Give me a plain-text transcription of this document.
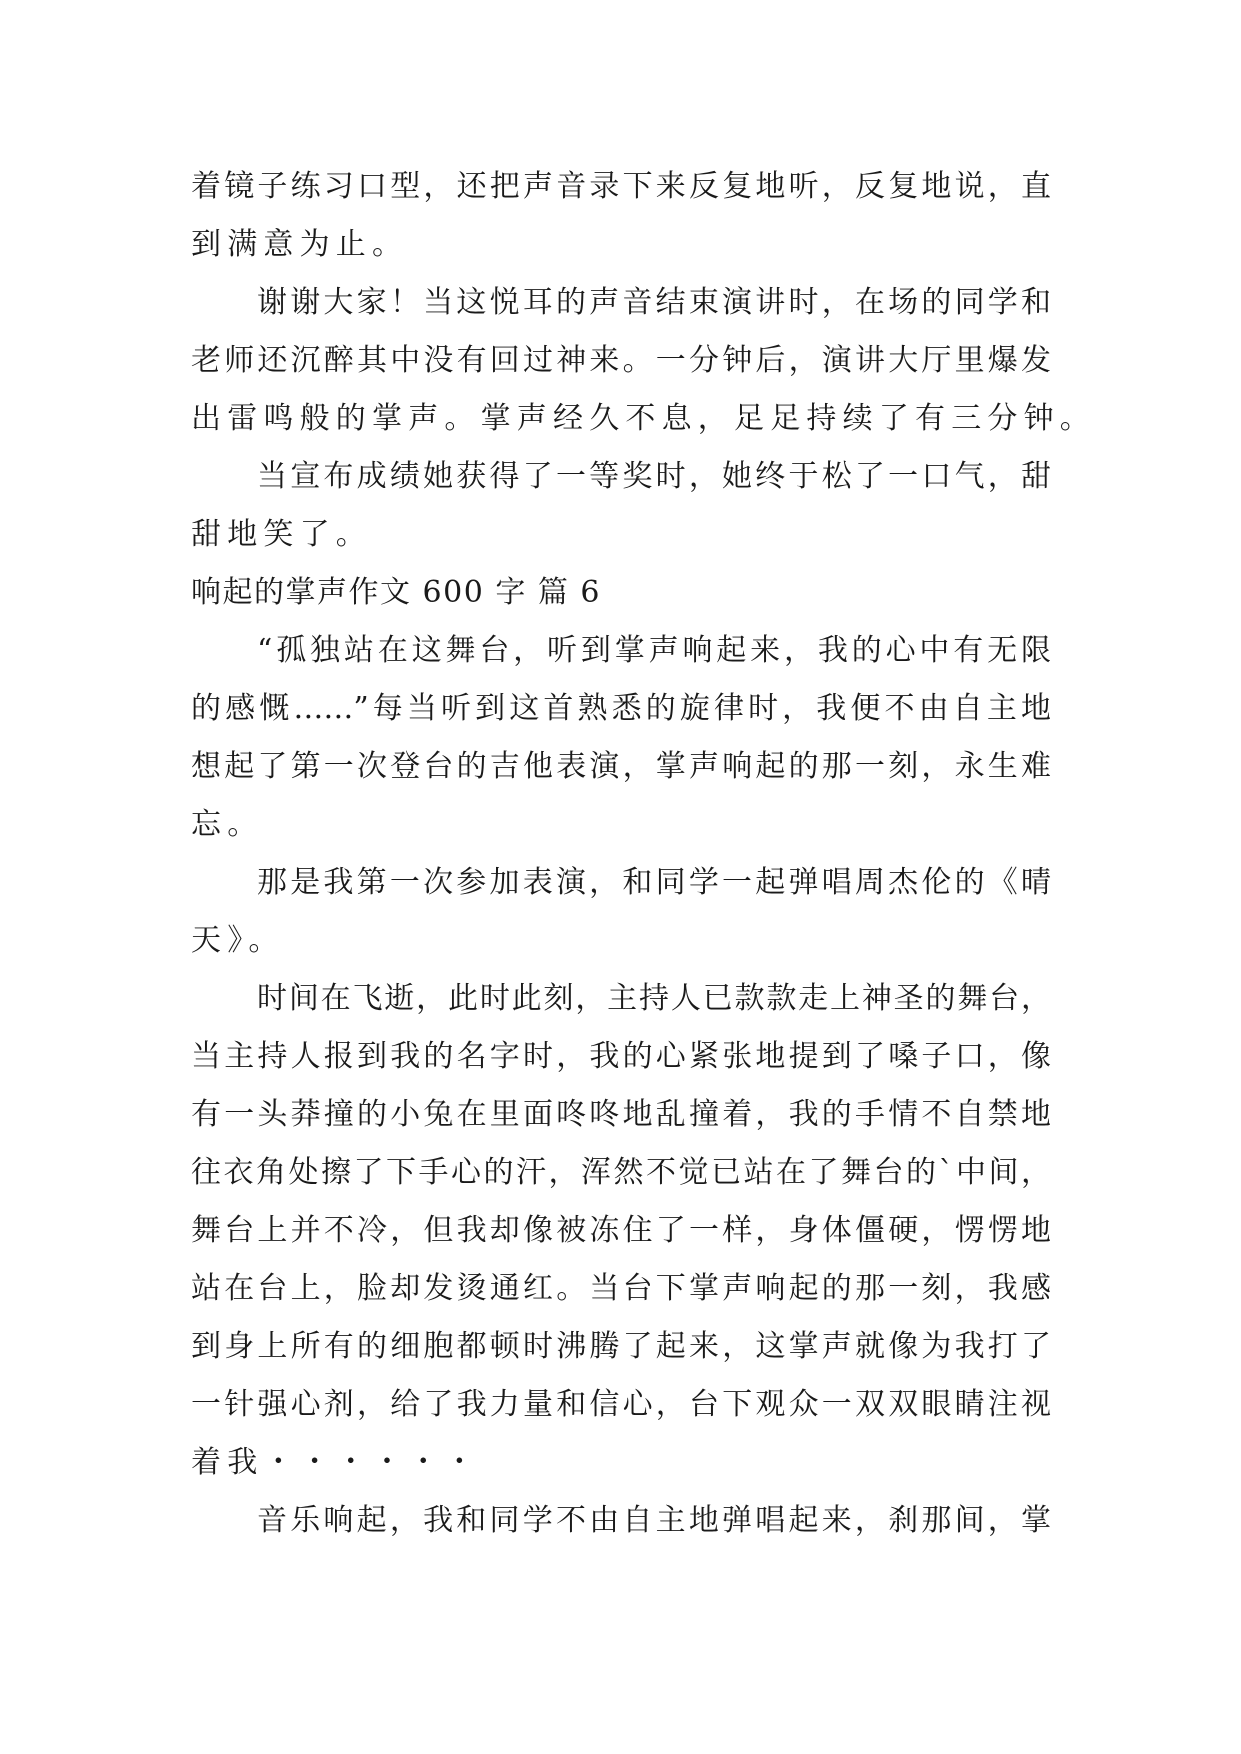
着镜子练习口型，还把声音录下来反复地听，反复地说，直
到满意为止。
谢谢大家！当这悦耳的声音结束演讲时，在场的同学和
老师还沉醉其中没有回过神来。一分钟后，演讲大厅里爆发
出雷鸣般的掌声。掌声经久不息，足足持续了有三分钟。
当宣布成绩她获得了一等奖时，她终于松了一口气，甜
甜地笑了。
响起的掌声作文 600 字 篇 6
“孤独站在这舞台，听到掌声响起来，我的心中有无限
的感慨……”每当听到这首熟悉的旋律时，我便不由自主地
想起了第一次登台的吉他表演，掌声响起的那一刻，永生难
忘。
那是我第一次参加表演，和同学一起弹唱周杰伦的《晴
天》。
时间在飞逝，此时此刻，主持人已款款走上神圣的舞台，
当主持人报到我的名字时，我的心紧张地提到了嗓子口，像
有一头莽撞的小兔在里面咚咚地乱撞着，我的手情不自禁地
往衣角处擦了下手心的汗，浑然不觉已站在了舞台的`中间，
舞台上并不冷，但我却像被冻住了一样，身体僵硬，愣愣地
站在台上，脸却发烫通红。当台下掌声响起的那一刻，我感
到身上所有的细胞都顿时沸腾了起来，这掌声就像为我打了
一针强心剂，给了我力量和信心，台下观众一双双眼睛注视
着我・・・・・・
音乐响起，我和同学不由自主地弹唱起来，刹那间，掌
